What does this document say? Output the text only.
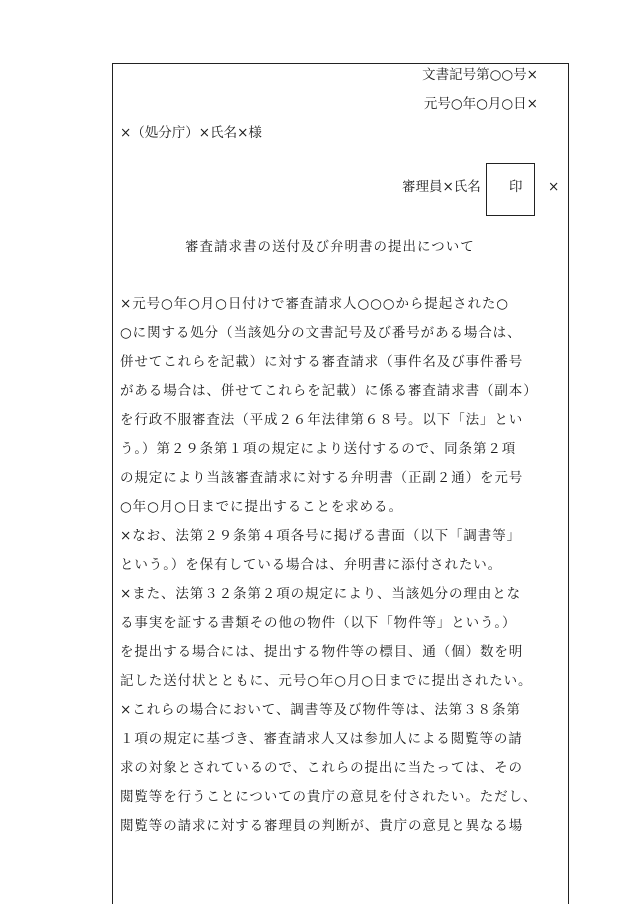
文書記号第○○号×
元号○年○月○日×
×（処分庁）×氏名×様
審理員×氏名 印 ×
審査請求書の送付及び弁明書の提出について
×元号○年○月○日付けで審査請求人○○○から提起された○
○に関する処分（当該処分の文書記号及び番号がある場合は、
併せてこれらを記載）に対する審査請求（事件名及び事件番号
がある場合は、併せてこれらを記載）に係る審査請求書（副本）
を行政不服審査法（平成２６年法律第６８号。以下「法」とい
う。）第２９条第１項の規定により送付するので、同条第２項
の規定により当該審査請求に対する弁明書（正副２通）を元号
○年○月○日までに提出することを求める。
×なお、法第２９条第４項各号に掲げる書面（以下「調書等」
という。）を保有している場合は、弁明書に添付されたい。
×また、法第３２条第２項の規定により、当該処分の理由とな
る事実を証する書類その他の物件（以下「物件等」という。）
を提出する場合には、提出する物件等の標目、通（個）数を明
記した送付状とともに、元号○年○月○日までに提出されたい。
×これらの場合において、調書等及び物件等は、法第３８条第
１項の規定に基づき、審査請求人又は参加人による閲覧等の請
求の対象とされているので、これらの提出に当たっては、その
閲覧等を行うことについての貴庁の意見を付されたい。ただし、
閲覧等の請求に対する審理員の判断が、貴庁の意見と異なる場
